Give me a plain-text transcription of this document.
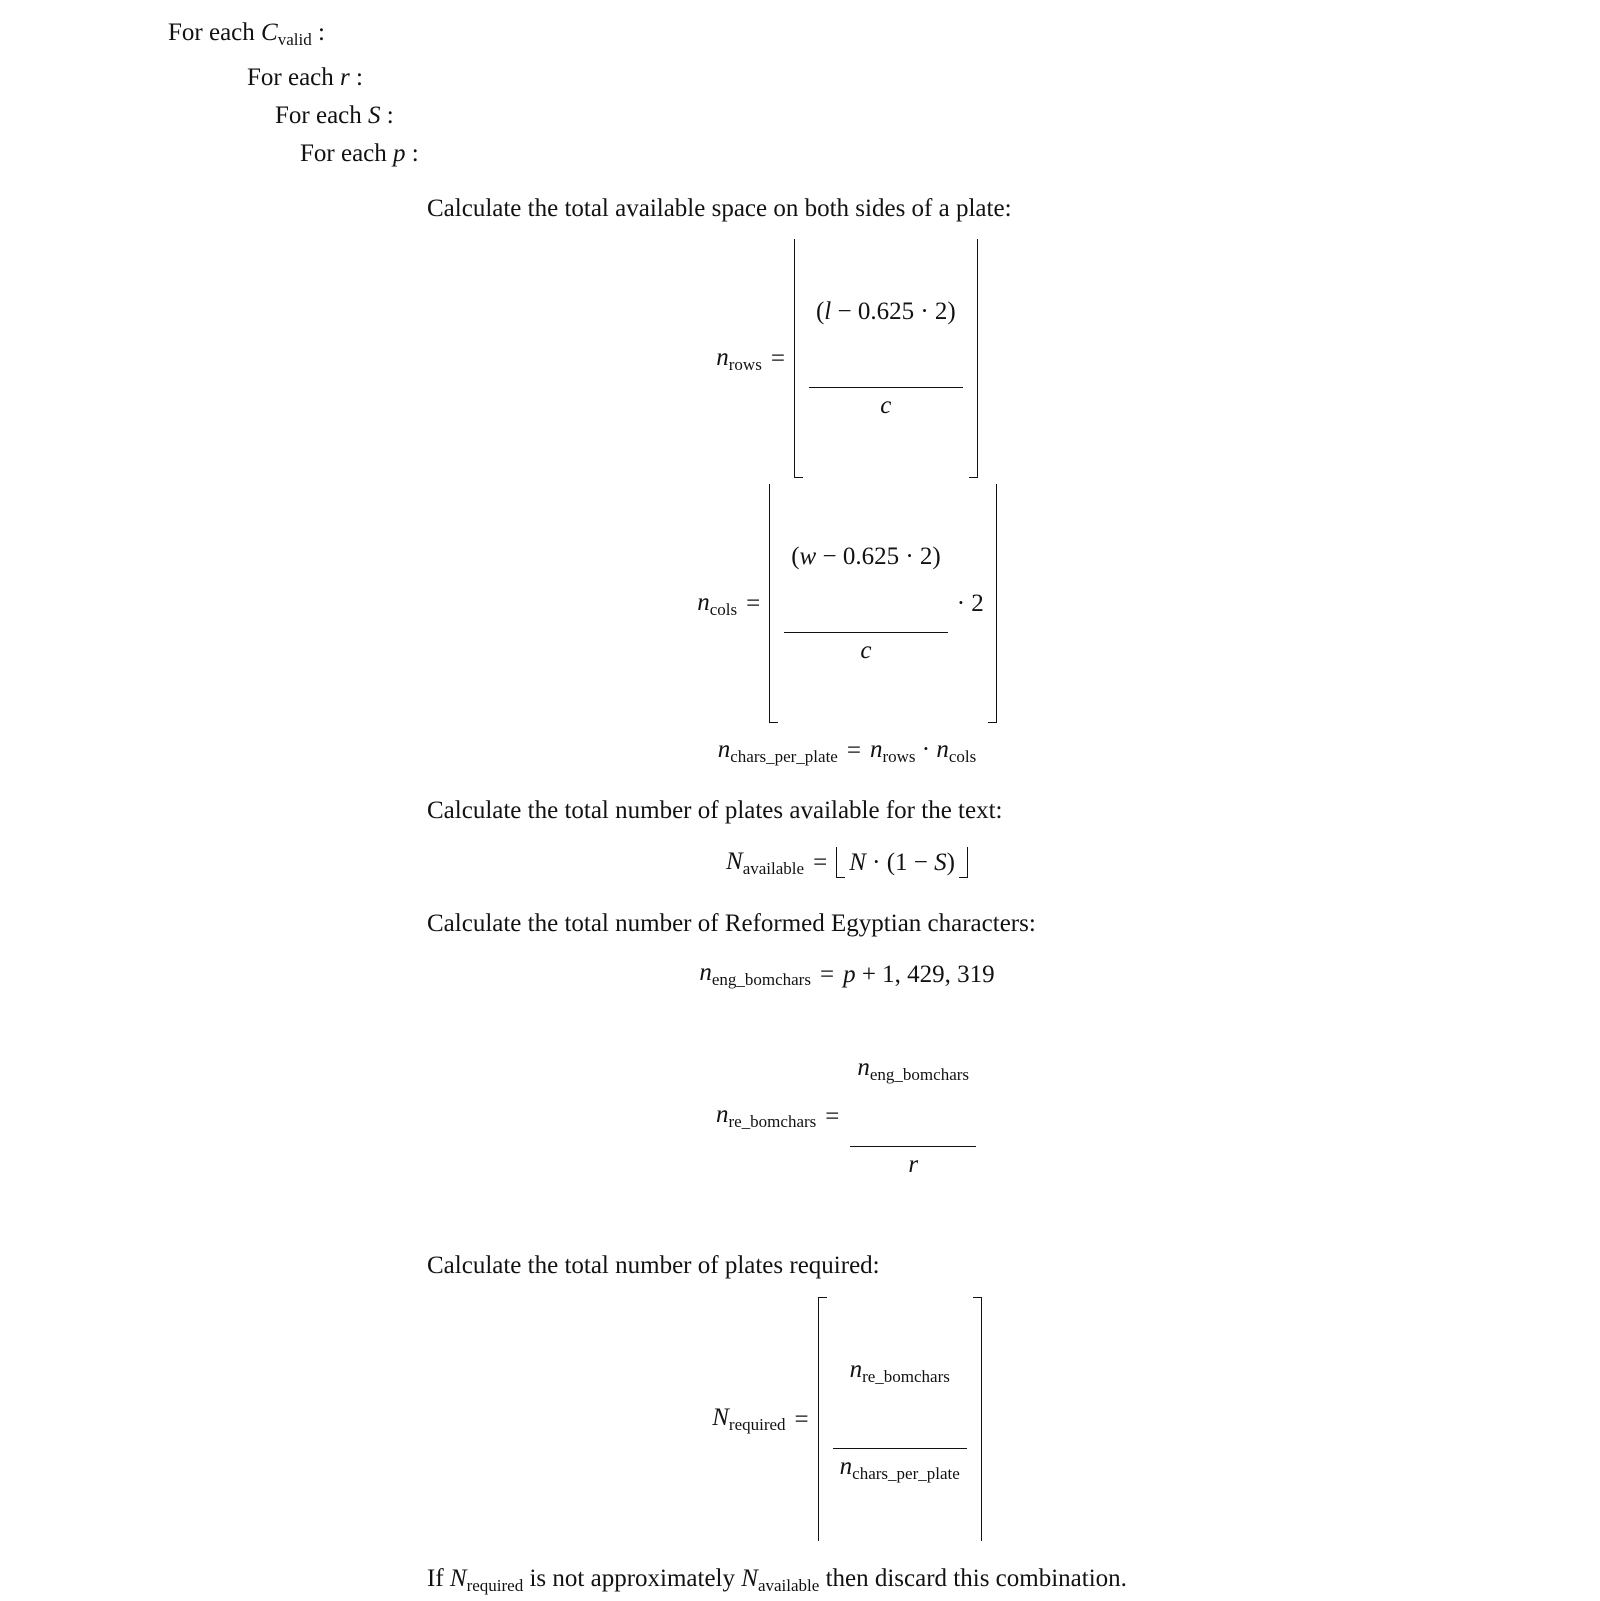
For each $C_{valid}$ :
For each r :
For each S :
For each p :
Calculate the total available space on both sides of a plate:
$n_{rows}$ =

$\frac{(l - 0.625 \cdot 2)}{c}$

$n_{cols}$ =

$\frac{(w - 0.625 \cdot 2)}{c}$

· 2
$n_{chars\_per\_plate} = n_{rows} \cdot n_{cols}$
Calculate the total number of plates available for the text:
$N_{available} = N \cdot (1 - S)$
Calculate the total number of Reformed Egyptian characters:
$n_{eng\_bomchars} = p + 1$, 429, 319
$n_{re\_bomchars}$ =

$\frac{n_{eng\_bomchars}}{r}$

Calculate the total number of plates required:
$N_{required}$ =

$\frac{n_{re\_bomchars}}{n_{chars\_per\_plate}}$

If $N_{required}$ is not approximately $N_{available}$ then discard this combination.
